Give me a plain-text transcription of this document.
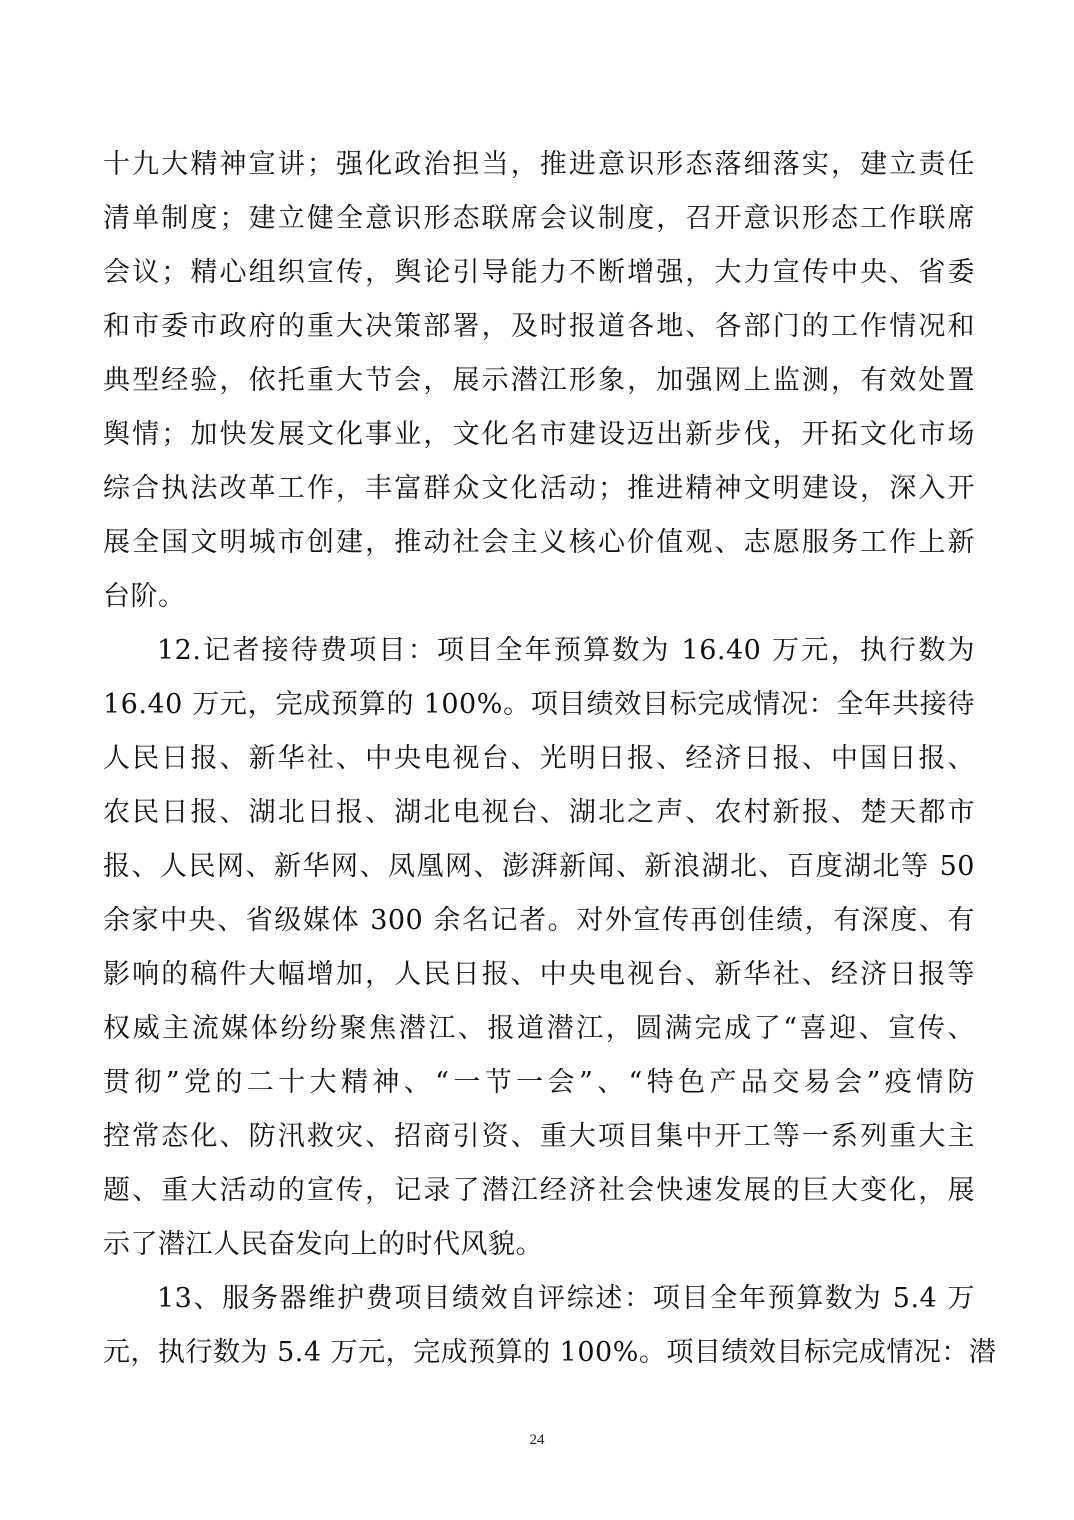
十九大精神宣讲；强化政治担当，推进意识形态落细落实，建立责任
清单制度；建立健全意识形态联席会议制度，召开意识形态工作联席
会议；精心组织宣传，舆论引导能力不断增强，大力宣传中央、省委
和市委市政府的重大决策部署，及时报道各地、各部门的工作情况和
典型经验，依托重大节会，展示潜江形象，加强网上监测，有效处置
舆情；加快发展文化事业，文化名市建设迈出新步伐，开拓文化市场
综合执法改革工作，丰富群众文化活动；推进精神文明建设，深入开
展全国文明城市创建，推动社会主义核心价值观、志愿服务工作上新
台阶。
12.记者接待费项目：项目全年预算数为 16.40 万元，执行数为
16.40 万元，完成预算的 100%。项目绩效目标完成情况：全年共接待
人民日报、新华社、中央电视台、光明日报、经济日报、中国日报、
农民日报、湖北日报、湖北电视台、湖北之声、农村新报、楚天都市
报、人民网、新华网、凤凰网、澎湃新闻、新浪湖北、百度湖北等 50
余家中央、省级媒体 300 余名记者。对外宣传再创佳绩，有深度、有
影响的稿件大幅增加，人民日报、中央电视台、新华社、经济日报等
权威主流媒体纷纷聚焦潜江、报道潜江，圆满完成了“喜迎、宣传、
贯彻”党的二十大精神、“一节一会”、“特色产品交易会”疫情防
控常态化、防汛救灾、招商引资、重大项目集中开工等一系列重大主
题、重大活动的宣传，记录了潜江经济社会快速发展的巨大变化，展
示了潜江人民奋发向上的时代风貌。
13、服务器维护费项目绩效自评综述：项目全年预算数为 5.4 万
元，执行数为 5.4 万元，完成预算的 100%。项目绩效目标完成情况：潜
24
